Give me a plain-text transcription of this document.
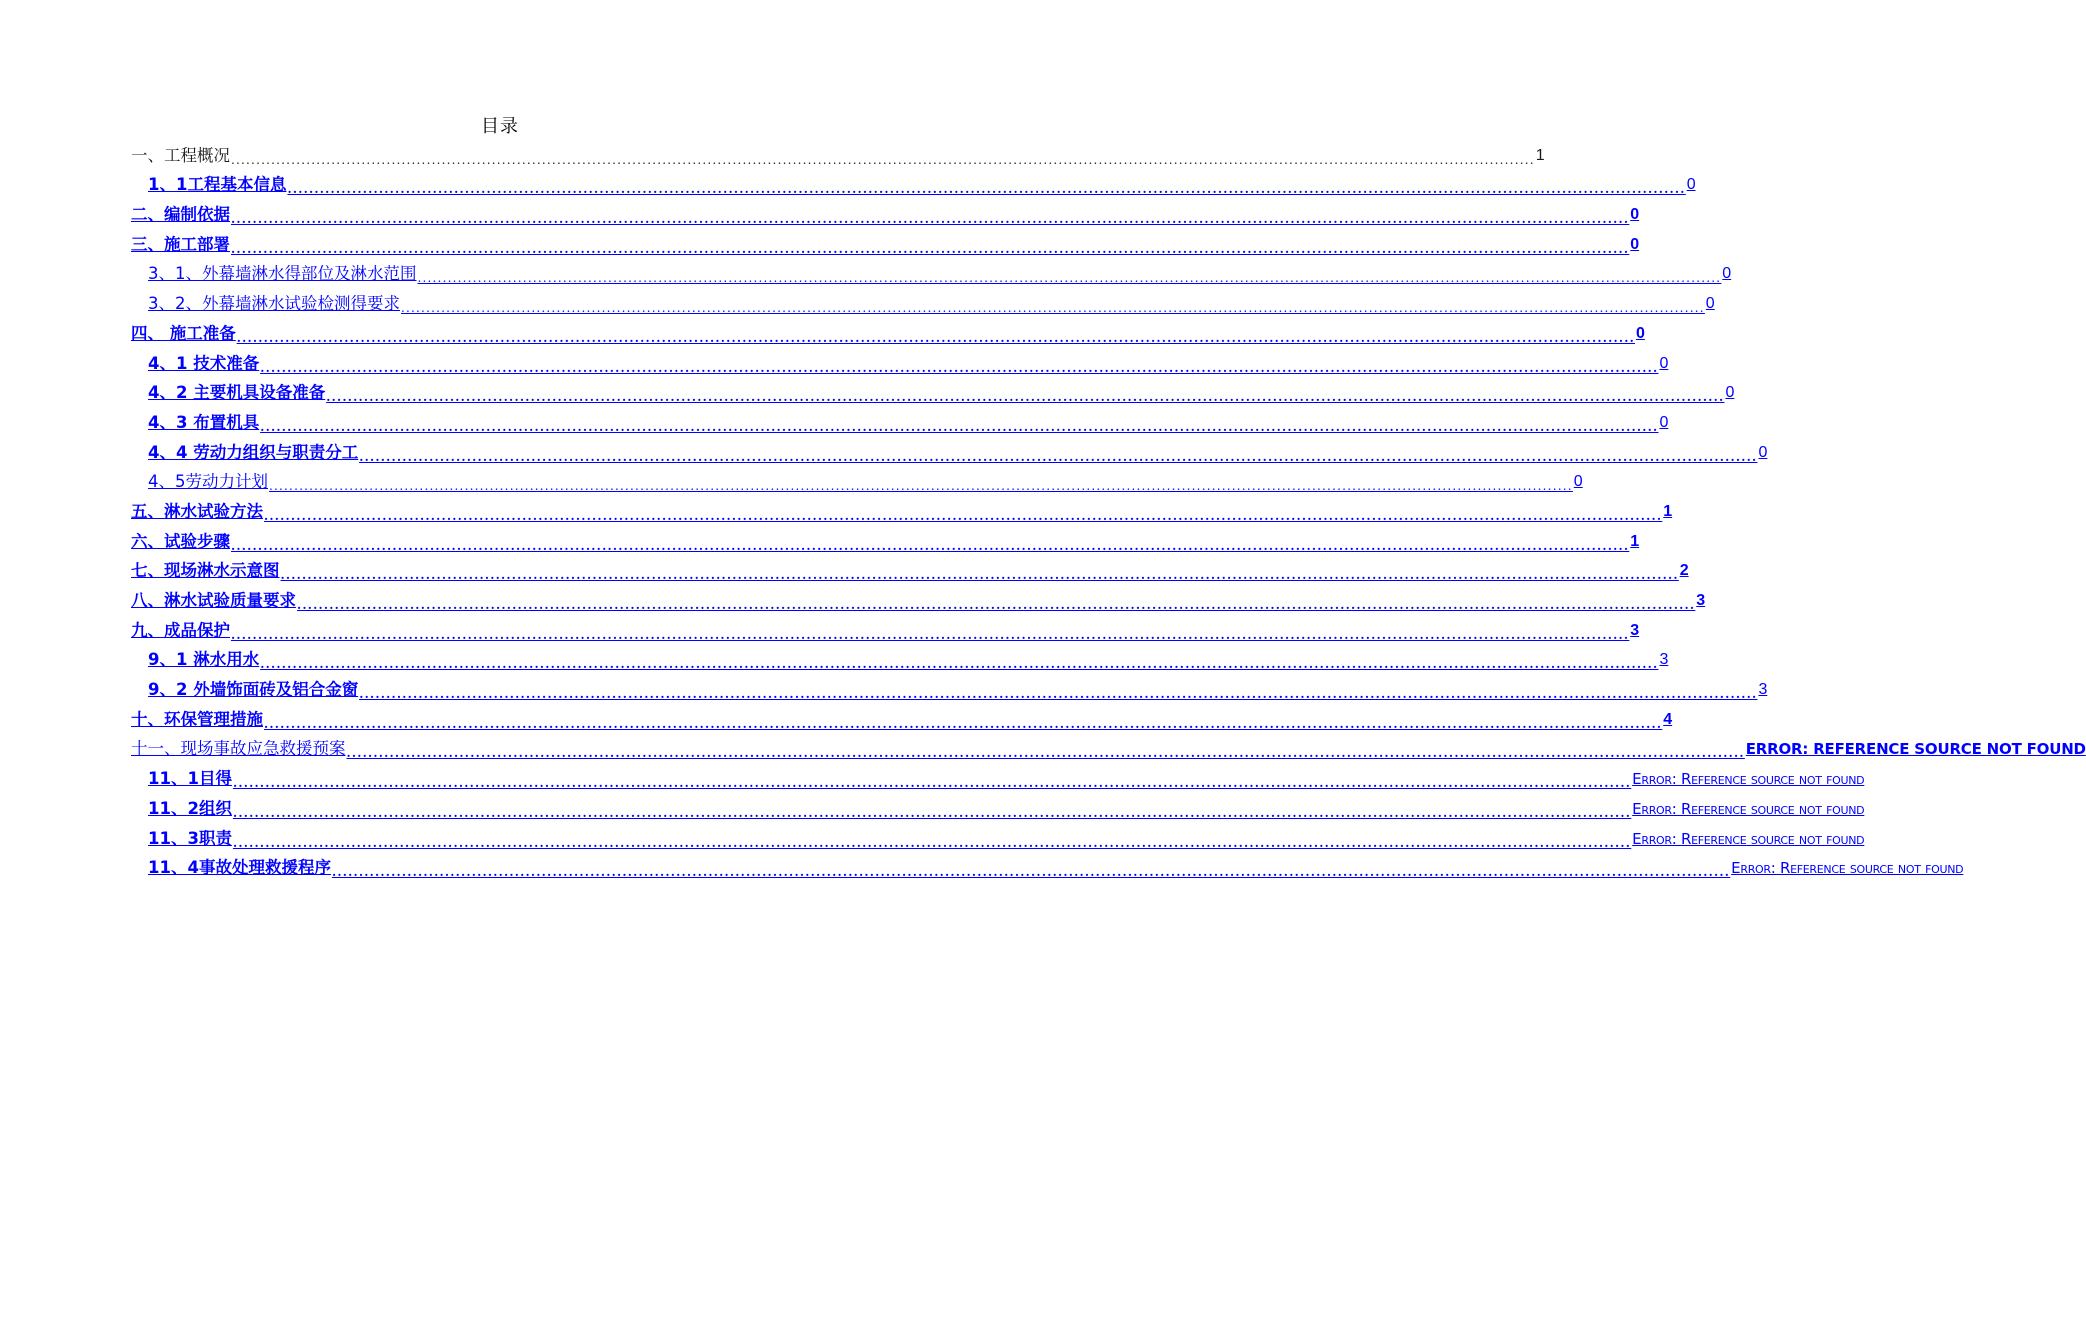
目录
一、工程概况 .................................................................................................................................................................................................................................................................... 1
1、1工程基本信息 .................................................................................................................................................................................................................................................................... 0
二、编制依据 .................................................................................................................................................................................................................................................................... 0
三、施工部署 .................................................................................................................................................................................................................................................................... 0
3、1、外幕墙淋水得部位及淋水范围 .................................................................................................................................................................................................................................................................... 0
3、2、外幕墙淋水试验检测得要求 .................................................................................................................................................................................................................................................................... 0
四、 施工准备 .................................................................................................................................................................................................................................................................... 0
4、1 技术准备 .................................................................................................................................................................................................................................................................... 0
4、2 主要机具设备准备 .................................................................................................................................................................................................................................................................... 0
4、3 布置机具 .................................................................................................................................................................................................................................................................... 0
4、4 劳动力组织与职责分工 .................................................................................................................................................................................................................................................................... 0
4、5劳动力计划 .................................................................................................................................................................................................................................................................... 0
五、淋水试验方法 .................................................................................................................................................................................................................................................................... 1
六、试验步骤 .................................................................................................................................................................................................................................................................... 1
七、现场淋水示意图 .................................................................................................................................................................................................................................................................... 2
八、淋水试验质量要求 .................................................................................................................................................................................................................................................................... 3
九、成品保护 .................................................................................................................................................................................................................................................................... 3
9、1 淋水用水 .................................................................................................................................................................................................................................................................... 3
9、2 外墙饰面砖及铝合金窗 .................................................................................................................................................................................................................................................................... 3
十、环保管理措施 .................................................................................................................................................................................................................................................................... 4
十一、现场事故应急救援预案 .................................................................................................................................................................................................................................................................... ERROR: REFERENCE SOURCE NOT FOUND
11、1目得 .................................................................................................................................................................................................................................................................... Error: Reference source not found
11、2组织 .................................................................................................................................................................................................................................................................... Error: Reference source not found
11、3职责 .................................................................................................................................................................................................................................................................... Error: Reference source not found
11、4事故处理救援程序 .................................................................................................................................................................................................................................................................... Error: Reference source not found
